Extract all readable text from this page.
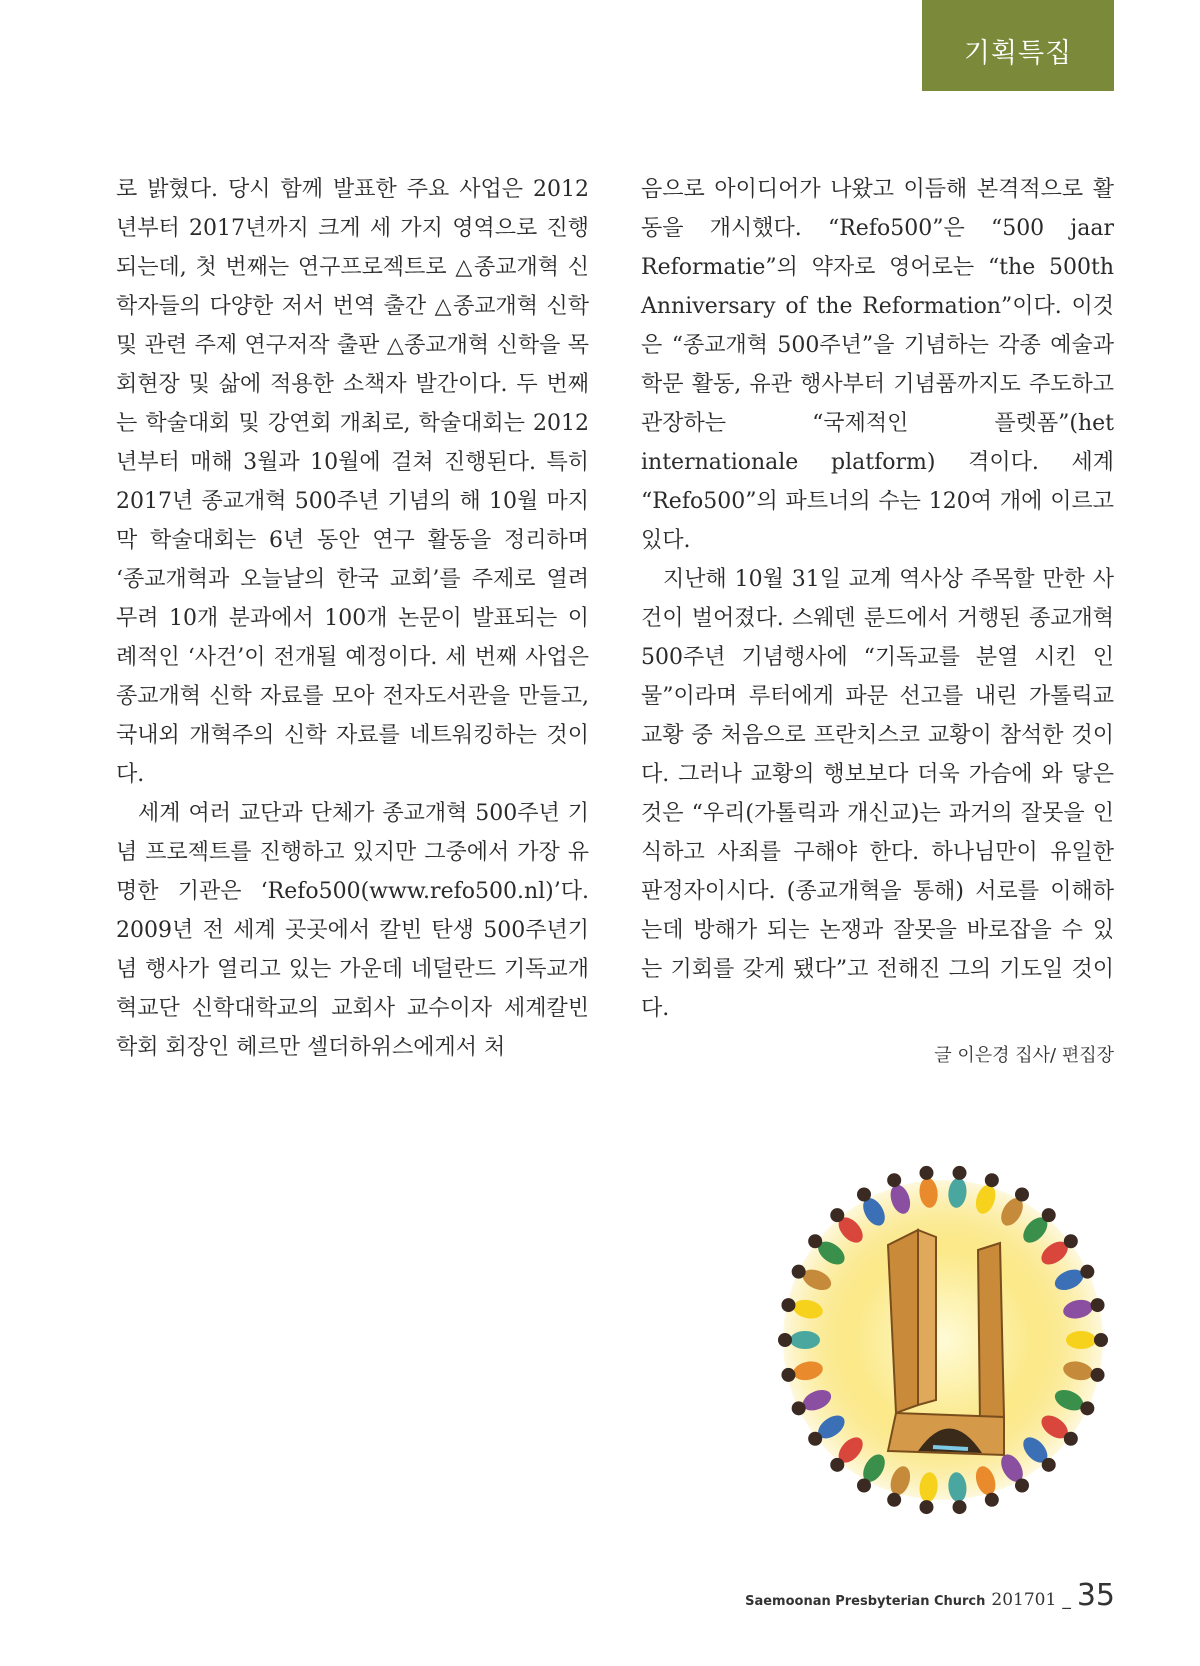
기획특집

로 밝혔다. 당시 함께 발표한 주요 사업은 2012년부터 2017년까지 크게 세 가지 영역으로 진행되는데, 첫 번째는 연구프로젝트로 △종교개혁 신학자들의 다양한 저서 번역 출간 △종교개혁 신학 및 관련 주제 연구저작 출판 △종교개혁 신학을 목회현장 및 삶에 적용한 소책자 발간이다. 두 번째는 학술대회 및 강연회 개최로, 학술대회는 2012년부터 매해 3월과 10월에 걸쳐 진행된다. 특히 2017년 종교개혁 500주년 기념의 해 10월 마지막 학술대회는 6년 동안 연구 활동을 정리하며 ‘종교개혁과 오늘날의 한국 교회’를 주제로 열려 무려 10개 분과에서 100개 논문이 발표되는 이례적인 ‘사건’이 전개될 예정이다. 세 번째 사업은 종교개혁 신학 자료를 모아 전자도서관을 만들고, 국내외 개혁주의 신학 자료를 네트워킹하는 것이다.

세계 여러 교단과 단체가 종교개혁 500주년 기념 프로젝트를 진행하고 있지만 그중에서 가장 유명한 기관은 ‘Refo500(www.refo500.nl)’다. 2009년 전 세계 곳곳에서 칼빈 탄생 500주년기념 행사가 열리고 있는 가운데 네덜란드 기독교개혁교단 신학대학교의 교회사 교수이자 세계칼빈학회 회장인 헤르만 셀더하위스에게서 처

음으로 아이디어가 나왔고 이듬해 본격적으로 활동을 개시했다. “Refo500”은 “500 jaar Reformatie”의 약자로 영어로는 “the 500th Anniversary of the Reformation”이다. 이것은 “종교개혁 500주년”을 기념하는 각종 예술과 학문 활동, 유관 행사부터 기념품까지도 주도하고 관장하는 “국제적인 플렛폼”(het internationale platform) 격이다. 세계 “Refo500”의 파트너의 수는 120여 개에 이르고 있다.

지난해 10월 31일 교계 역사상 주목할 만한 사건이 벌어졌다. 스웨덴 룬드에서 거행된 종교개혁 500주년 기념행사에 “기독교를 분열 시킨 인물”이라며 루터에게 파문 선고를 내린 가톨릭교 교황 중 처음으로 프란치스코 교황이 참석한 것이다. 그러나 교황의 행보보다 더욱 가슴에 와 닿은 것은 “우리(가톨릭과 개신교)는 과거의 잘못을 인식하고 사죄를 구해야 한다. 하나님만이 유일한 판정자이시다. (종교개혁을 통해) 서로를 이해하는데 방해가 되는 논쟁과 잘못을 바로잡을 수 있는 기회를 갖게 됐다”고 전해진 그의 기도일 것이다.

글 이은경 집사/ 편집장
Saemoonan Presbyterian Church 201701 _ 35
